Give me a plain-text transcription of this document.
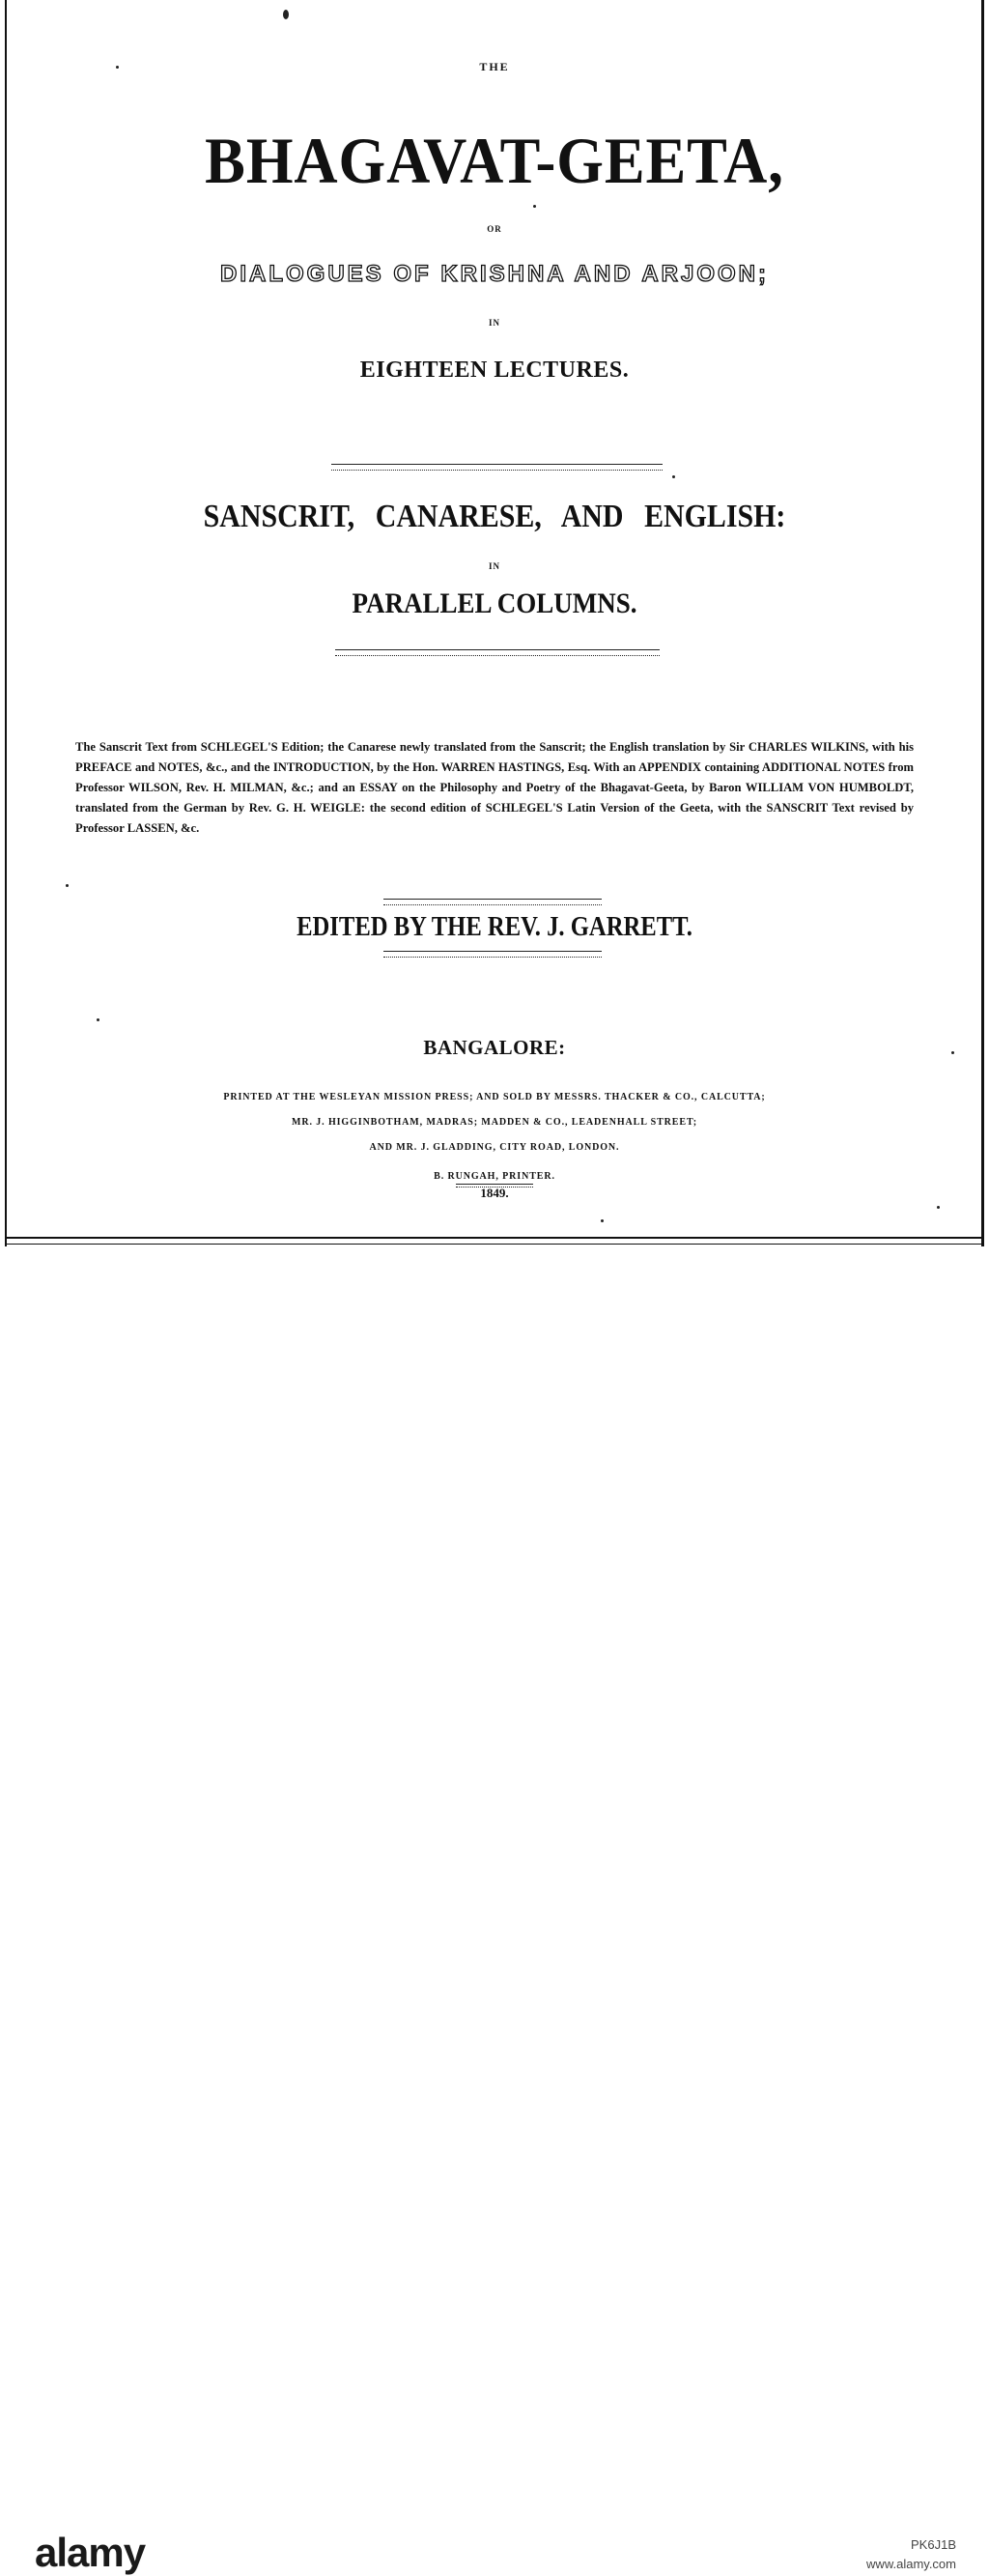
THE
BHAGAVAT-GEETA,
OR
DIALOGUES OF KRISHNA AND ARJOON;
IN
EIGHTEEN LECTURES.
SANSCRIT, CANARESE, AND ENGLISH:
IN
PARALLEL COLUMNS.

The Sanscrit Text from SCHLEGEL'S Edition; the Canarese newly translated from the Sanscrit; the English translation by Sir CHARLES WILKINS, with his PREFACE and NOTES, &c., and the INTRODUCTION, by the Hon. WARREN HASTINGS, Esq. With an APPENDIX containing ADDITIONAL NOTES from Professor WILSON, Rev. H. MILMAN, &c.; and an ESSAY on the Philosophy and Poetry of the Bhagavat-Geeta, by Baron WILLIAM VON HUMBOLDT, translated from the German by Rev. G. H. WEIGLE: the second edition of SCHLEGEL'S Latin Version of the Geeta, with the SANSCRIT Text revised by Professor LASSEN, &c.

EDITED BY THE REV. J. GARRETT.
BANGALORE:
PRINTED AT THE WESLEYAN MISSION PRESS; AND SOLD BY MESSRS. THACKER & CO., CALCUTTA;
MR. J. HIGGINBOTHAM, MADRAS; MADDEN & CO., LEADENHALL STREET;
AND MR. J. GLADDING, CITY ROAD, LONDON.
B. RUNGAH, PRINTER.
1849.
alamy	PK6J1B
www.alamy.com
